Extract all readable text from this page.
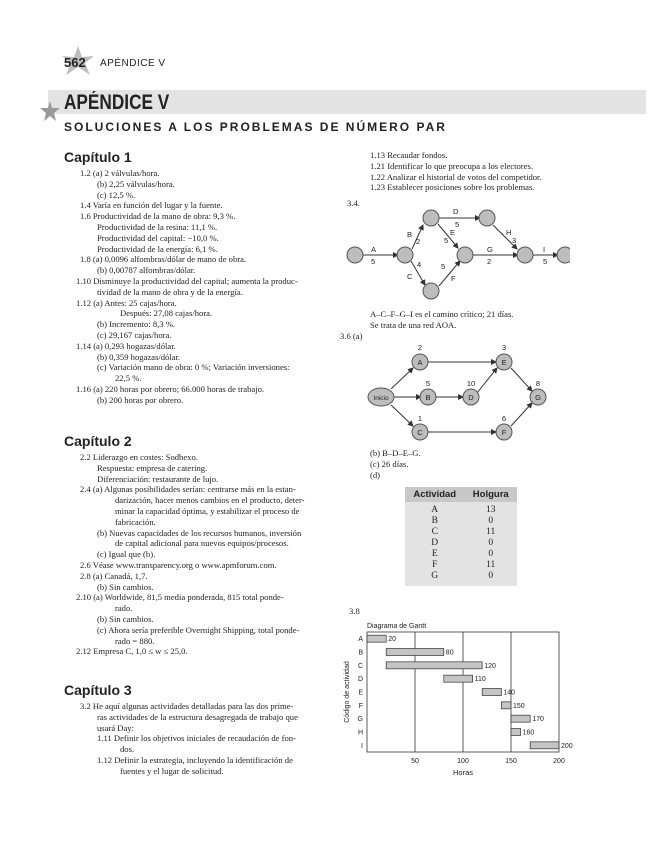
562 APÉNDICE V
APÉNDICE V
SOLUCIONES A LOS PROBLEMAS DE NÚMERO PAR
Capítulo 1
1.2 (a) 2 válvulas/hora.
(b) 2,25 válvulas/hora.
(c) 12,5 %.
1.4 Varía en función del lugar y la fuente.
1.6 Productividad de la mano de obra: 9,3 %.
Productividad de la resina: 11,1 %.
Productividad del capital: −10,0 %.
Productividad de la energía: 6,1 %.
1.8 (a) 0,0096 alfombras/dólar de mano de obra.
(b) 0,00787 alfombras/dólar.
1.10 Disminuye la productividad del capital; aumenta la produc-
tividad de la mano de obra y de la energía.
1.12 (a) Antes: 25 cajas/hora.
Después: 27,08 cajas/hora.
(b) Incremento: 8,3 %.
(c) 29,167 cajas/hora.
1.14 (a) 0,293 hogazas/dólar.
(b) 0,359 hogazas/dólar.
(c) Variación mano de obra: 0 %; Variación inversiones:
22,5 %.
1.16 (a) 220 horas por obrero; 66.000 horas de trabajo.
(b) 200 horas por obrero.
Capítulo 2
2.2 Liderazgo en costes: Sodhexo.
Respuesta: empresa de catering.
Diferenciación: restaurante de lujo.
2.4 (a) Algunas posibilidades serían: centrarse más en la estan-
darización, hacer menos cambios en el producto, deter-
minar la capacidad óptima, y estabilizar el proceso de
fabricación.
(b) Nuevas capacidades de los recursos humanos, inversión
de capital adicional para nuevos equipos/procesos.
(c) Igual que (b).
2.6 Véase www.transparency.org o www.apmforum.com.
2.8 (a) Canadá, 1,7.
(b) Sin cambios.
2.10 (a) Worldwide, 81,5 media ponderada, 815 total ponde-
rado.
(b) Sin cambios.
(c) Ahora sería preferible Overnight Shipping, total ponde-
rado = 880.
2.12 Empresa C, 1,0 ≤ w ≤ 25,0.
Capítulo 3
3.2 He aquí algunas actividades detalladas para las dos prime-
ras actividades de la estructura desagregada de trabajo que
usará Day:
1.11 Definir los objetivos iniciales de recaudación de fon-
dos.
1.12 Definir la estrategia, incluyendo la identificación de
fuentes y el lugar de solicitud.
1.13 Recaudar fondos.
1.21 Identificar lo que preocupa a los electores.
1.22 Analizar el historial de votos del competidor.
1.23 Establecer posiciones sobre los problemas.
3.4.
A
5
B
2
C
4
D
5
E
5
F
5
G
2
H
3
I
5
A–C–F–G–I es el camino crítico; 21 días.
Se trata de una red AOA.
3.6 (a)
Inicio
A
2
B
5
C
1
D
10
E
3
F
6
G
8
(b) B–D–E–G.
(c) 26 días.
(d)
Actividad	Holgura
A	13
B	0
C	11
D	0
E	0
F	11
G	0
3.8
Diagrama de Gantt
20
80
120
110
140
150
170
160
200
A
B
C
D
E
F
G
H
I
50	100	150	200
Horas
Código de actividad
